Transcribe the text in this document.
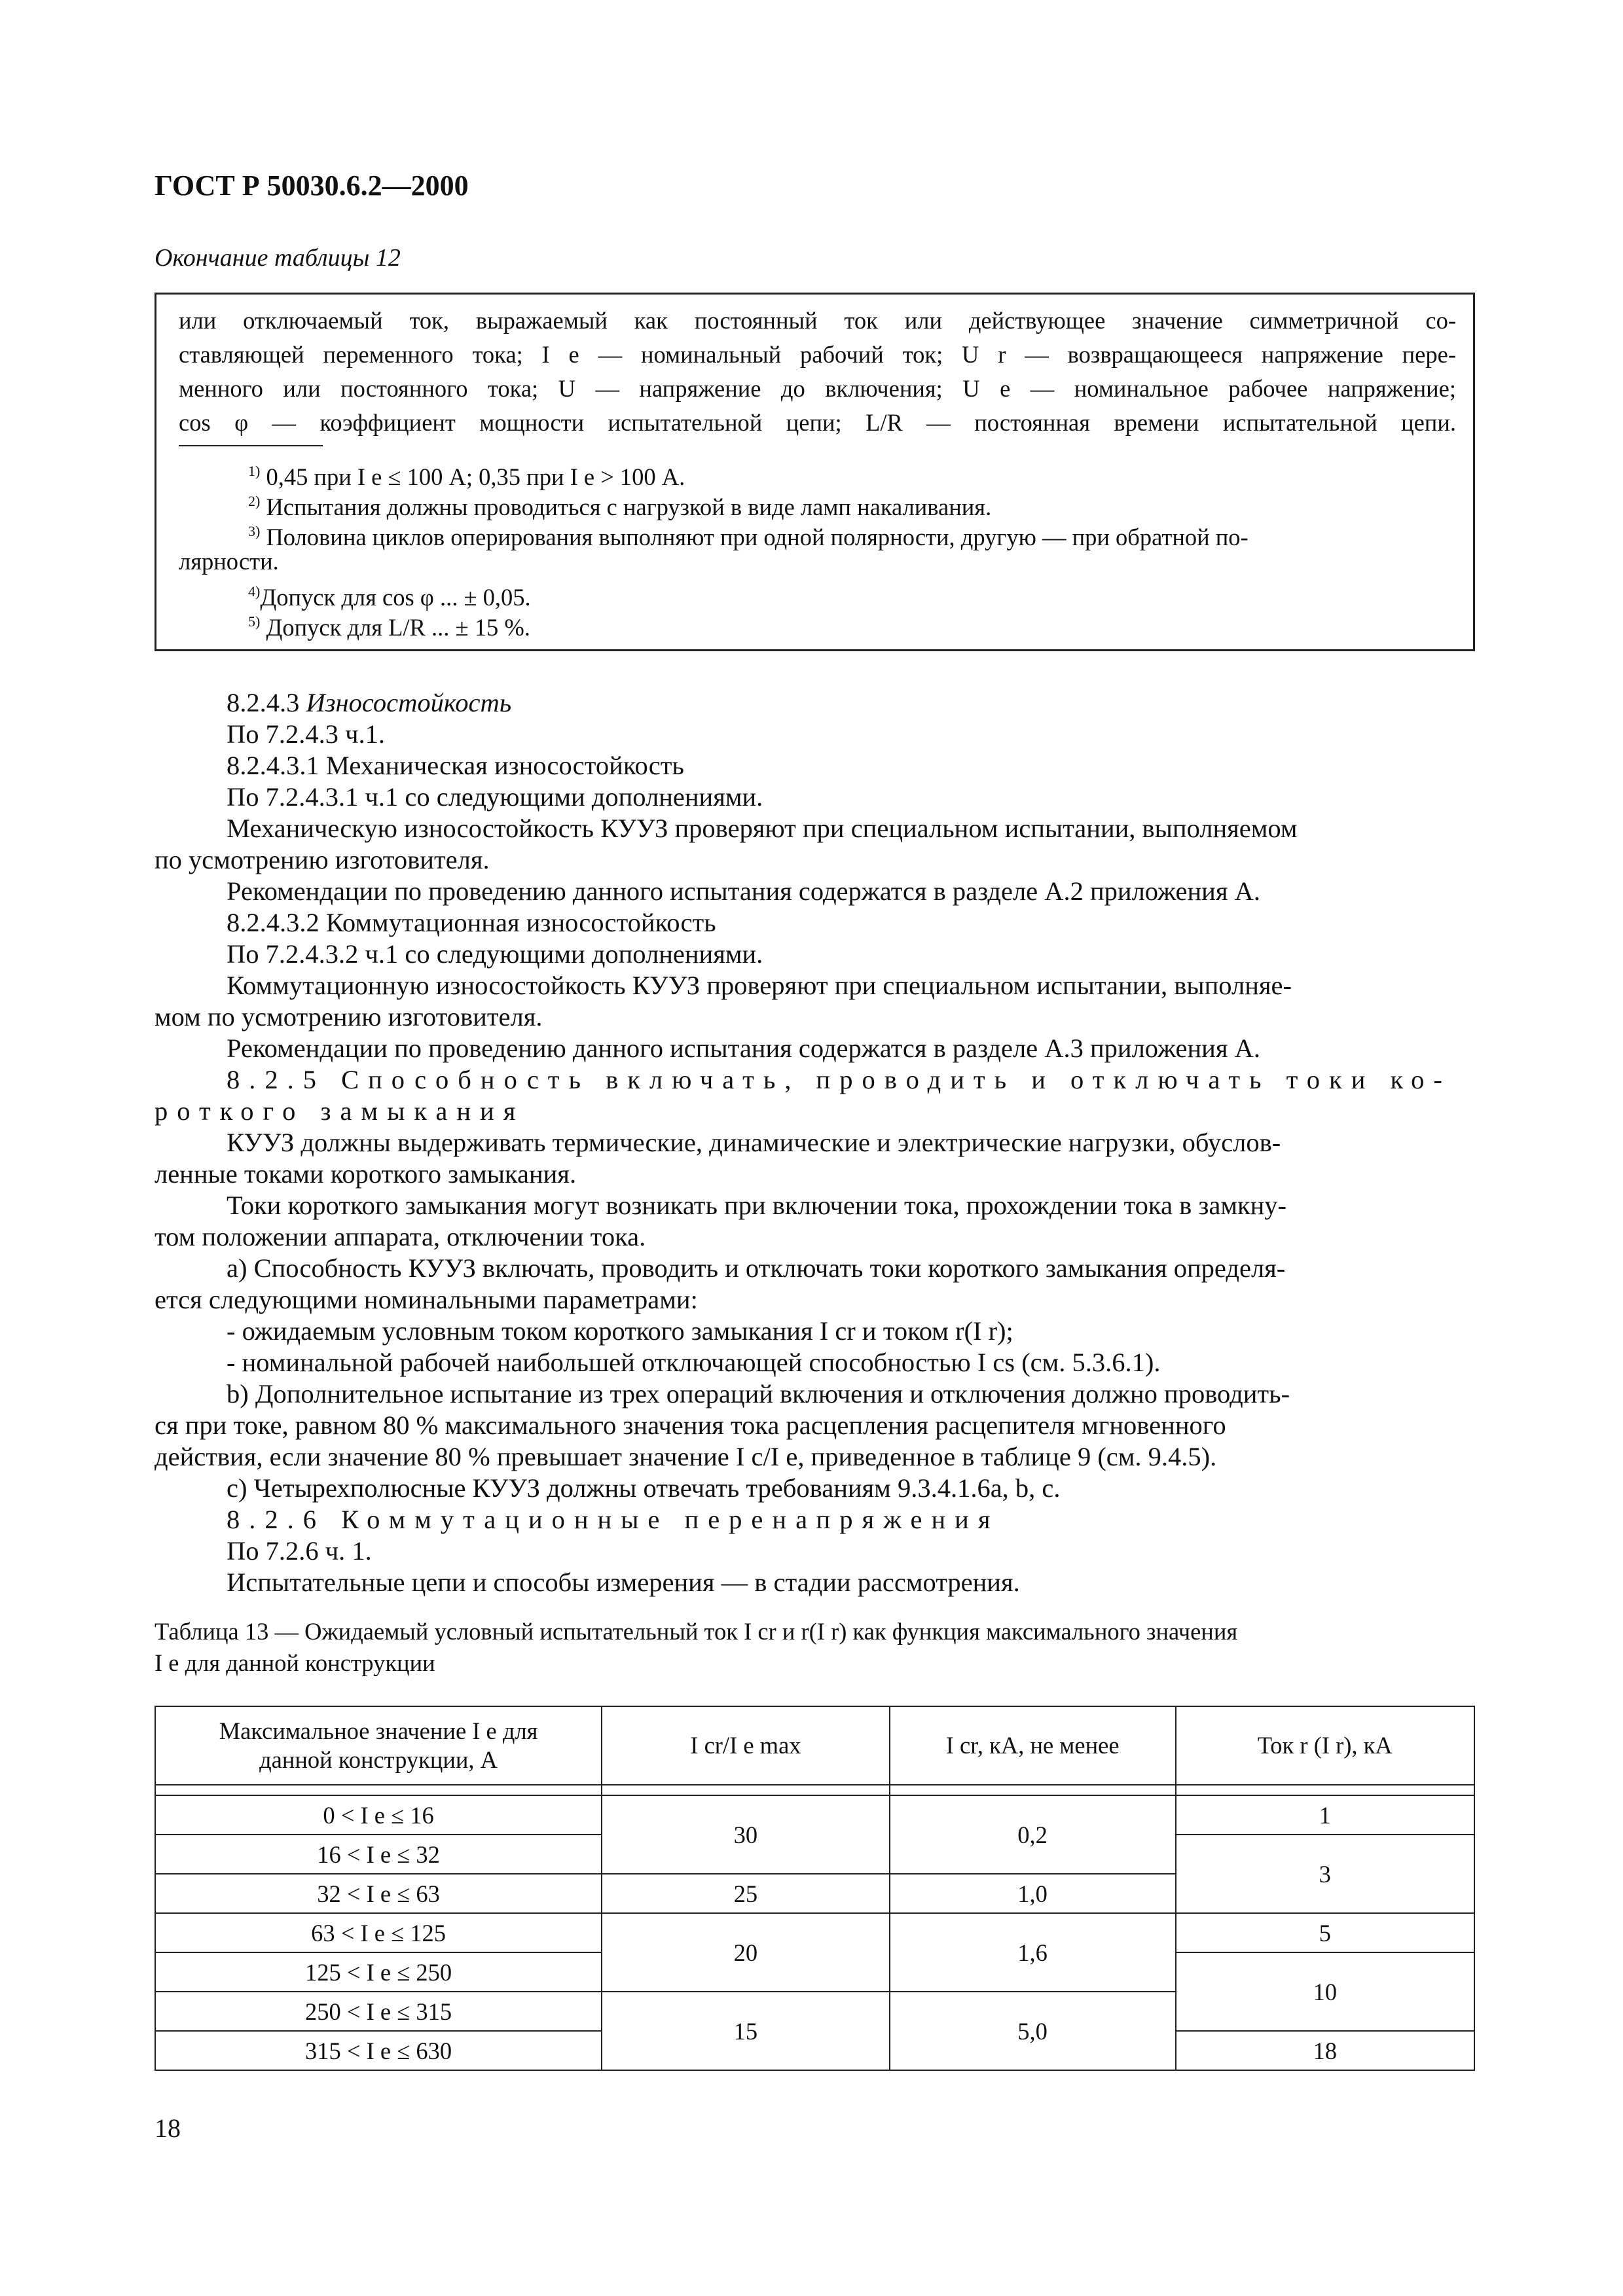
ГОСТ Р 50030.6.2—2000
Окончание таблицы 12
или отключаемый ток, выражаемый как постоянный ток или действующее значение симметричной со-
ставляющей переменного тока; I e — номинальный рабочий ток; U r — возвращающееся напряжение пере-
менного или постоянного тока; U — напряжение до включения; U e — номинальное рабочее напряжение;
cos φ — коэффициент мощности испытательной цепи; L/R — постоянная времени испытательной цепи.
$^{1)}$ 0,45 при I e ≤ 100 А; 0,35 при I e > 100 А.
$^{2)}$ Испытания должны проводиться с нагрузкой в виде ламп накаливания.
$^{3)}$ Половина циклов оперирования выполняют при одной полярности, другую — при обратной по-
лярности.
$^{4)}$Допуск для cos φ ... ± 0,05.
$^{5)}$ Допуск для L/R ... ± 15 %.
8.2.4.3 Износостойкость
По 7.2.4.3 ч.1.
8.2.4.3.1 Механическая износостойкость
По 7.2.4.3.1 ч.1 со следующими дополнениями.
Механическую износостойкость КУУЗ проверяют при специальном испытании, выполняемом
по усмотрению изготовителя.
Рекомендации по проведению данного испытания содержатся в разделе А.2 приложения А.
8.2.4.3.2 Коммутационная износостойкость
По 7.2.4.3.2 ч.1 со следующими дополнениями.
Коммутационную износостойкость КУУЗ проверяют при специальном испытании, выполняе-
мом по усмотрению изготовителя.
Рекомендации по проведению данного испытания содержатся в разделе А.3 приложения А.
8.2.5 Способность включать, проводить и отключать токи ко-
роткого замыкания
КУУЗ должны выдерживать термические, динамические и электрические нагрузки, обуслов-
ленные токами короткого замыкания.
Токи короткого замыкания могут возникать при включении тока, прохождении тока в замкну-
том положении аппарата, отключении тока.
а) Способность КУУЗ включать, проводить и отключать токи короткого замыкания определя-
ется следующими номинальными параметрами:
- ожидаемым условным током короткого замыкания I cr и током r(I r);
- номинальной рабочей наибольшей отключающей способностью I cs (см. 5.3.6.1).
b) Дополнительное испытание из трех операций включения и отключения должно проводить-
ся при токе, равном 80 % максимального значения тока расцепления расцепителя мгновенного
действия, если значение 80 % превышает значение I c/I e, приведенное в таблице 9 (см. 9.4.5).
с) Четырехполюсные КУУЗ должны отвечать требованиям 9.3.4.1.6а, b, с.
8.2.6 Коммутационные перенапряжения
По 7.2.6 ч. 1.
Испытательные цепи и способы измерения — в стадии рассмотрения.
Таблица 13 — Ожидаемый условный испытательный ток I cr и r(I r) как функция максимального значения
I e для данной конструкции
Максимальное значение I e для
данной конструкции, А	I cr/I e max	I cr, кА, не менее	Ток r (I r), кА

0 < I e ≤ 16	30	0,2	1
16 < I e ≤ 32			3
32 < I e ≤ 63	25	1,0	
63 < I e ≤ 125	20	1,6	5
125 < I e ≤ 250			10
250 < I e ≤ 315	15	5,0	
315 < I e ≤ 630			18
18
